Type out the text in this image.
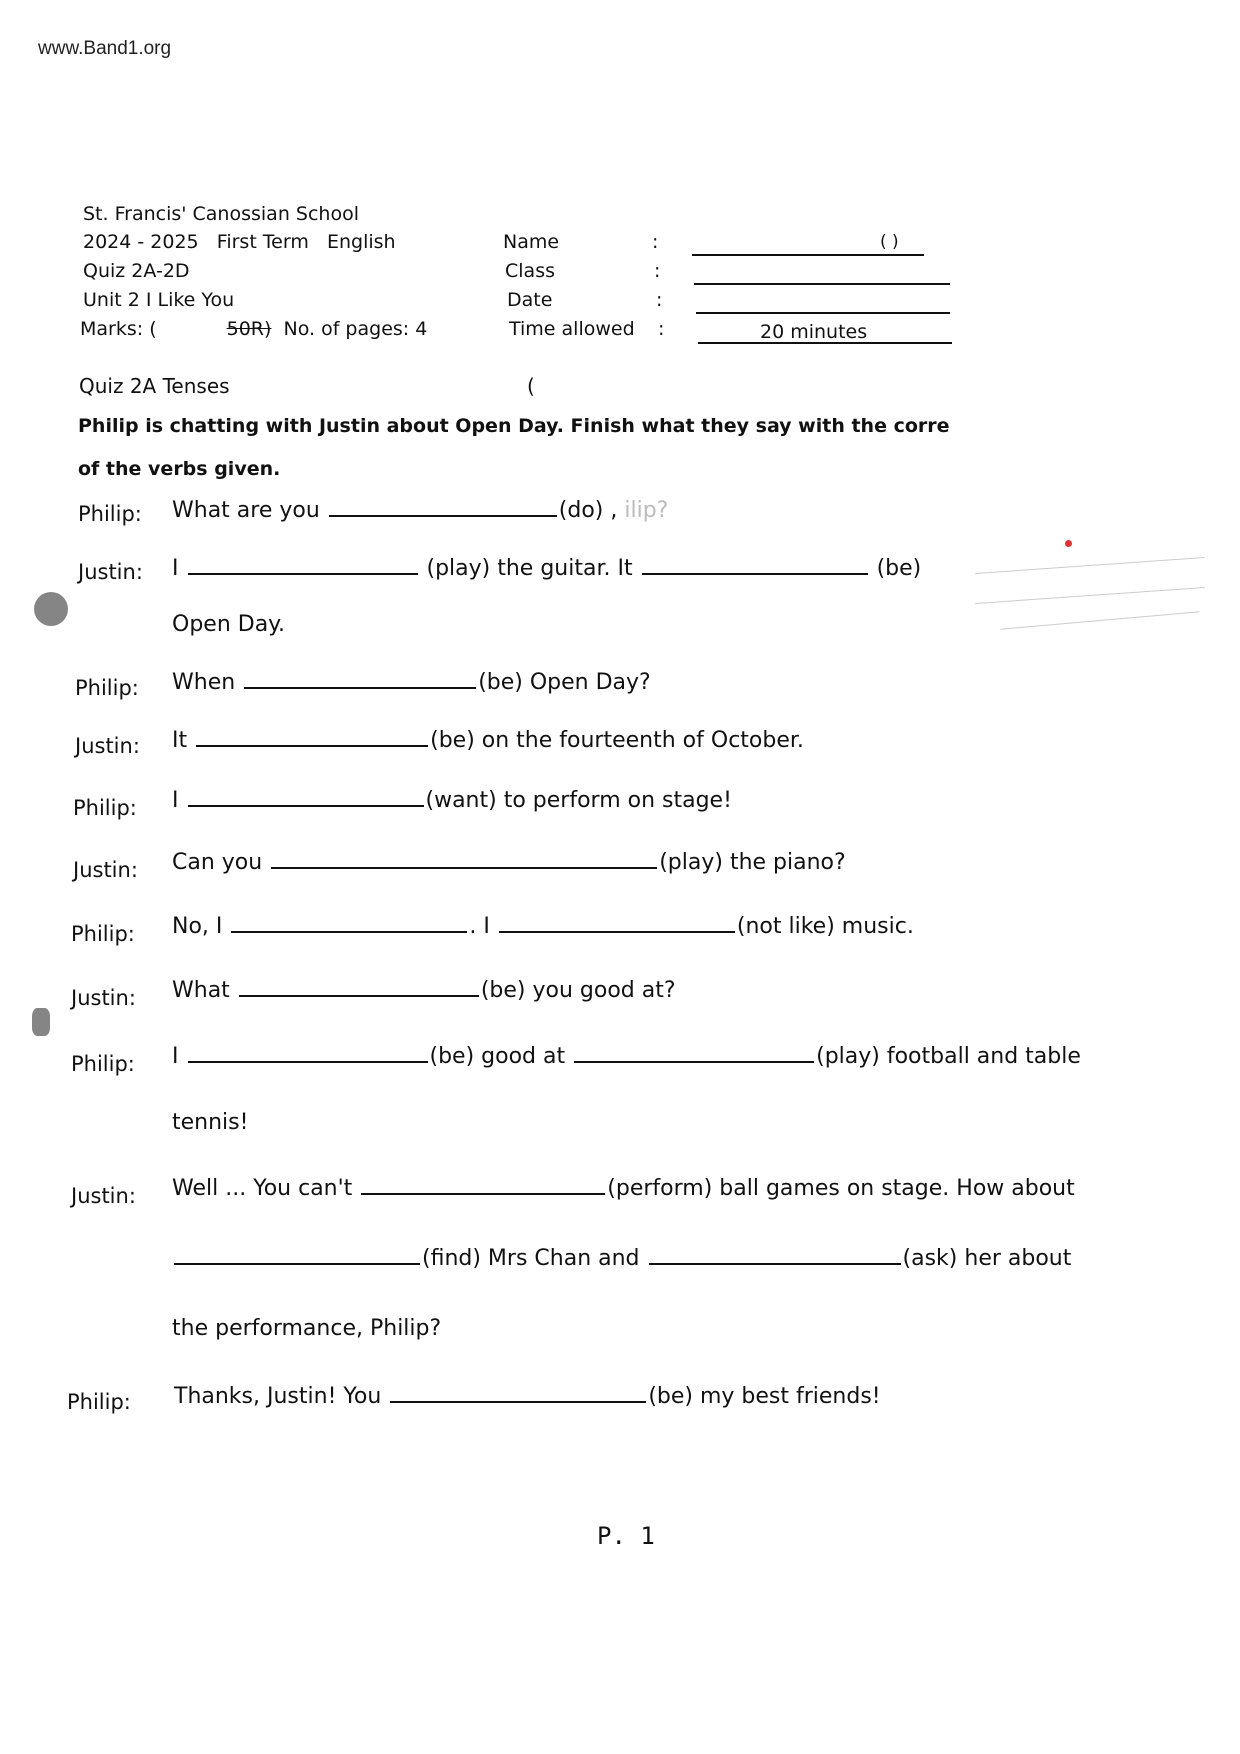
www.Band1.org
St. Francis' Canossian School
2024 - 2025 First Term English
Quiz 2A-2D
Unit 2 I Like You
Marks: (	50R) No. of pages: 4
Name	:	( )
Class	:
Date	:
Time allowed :	20 minutes
Quiz 2A Tenses	(
Philip is chatting with Justin about Open Day. Finish what they say with the corre
of the verbs given.
Philip: What are you	(do) , ilip?
Justin: I	(play) the guitar. It	(be)
Open Day.
Philip: When	(be) Open Day?
Justin: It	(be) on the fourteenth of October.
Philip: I	(want) to perform on stage!
Justin: Can you	(play) the piano?
Philip: No, I	. I	(not like) music.
Justin: What	(be) you good at?
Philip: I	(be) good at	(play) football and table
tennis!
Justin: Well ... You can't	(perform) ball games on stage. How about
(find) Mrs Chan and	(ask) her about
the performance, Philip?
Philip: Thanks, Justin! You	(be) my best friends!
P. 1
